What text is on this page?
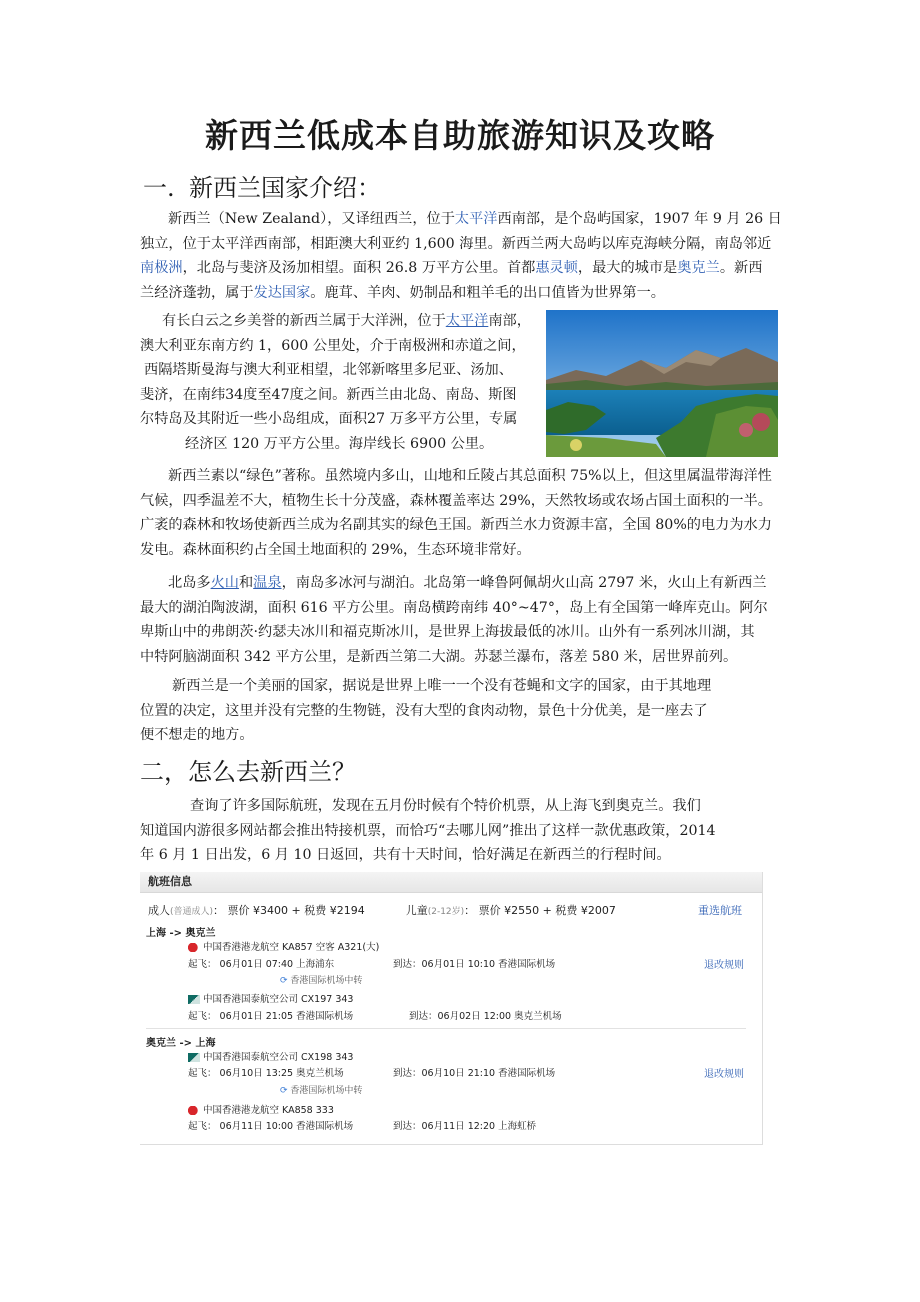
新西兰低成本自助旅游知识及攻略
一. 新西兰国家介绍：
新西兰（New Zealand），又译纽西兰，位于太平洋西南部，是个岛屿国家，1907 年 9 月 26 日
独立，位于太平洋西南部，相距澳大利亚约 1,600 海里。新西兰两大岛屿以库克海峡分隔，南岛邻近
南极洲，北岛与斐济及汤加相望。面积 26.8 万平方公里。首都惠灵顿，最大的城市是奥克兰。新西
兰经济蓬勃，属于发达国家。鹿茸、羊肉、奶制品和粗羊毛的出口值皆为世界第一。
有长白云之乡美誉的新西兰属于大洋洲，位于太平洋南部，
澳大利亚东南方约 1，600 公里处，介于南极洲和赤道之间，
西隔塔斯曼海与澳大利亚相望，北邻新喀里多尼亚、汤加、
斐济，在南纬34度至47度之间。新西兰由北岛、南岛、斯图
尔特岛及其附近一些小岛组成，面积27 万多平方公里，专属
经济区 120 万平方公里。海岸线长 6900 公里。
新西兰素以“绿色”著称。虽然境内多山，山地和丘陵占其总面积 75%以上，但这里属温带海洋性
气候，四季温差不大，植物生长十分茂盛，森林覆盖率达 29%，天然牧场或农场占国土面积的一半。
广袤的森林和牧场使新西兰成为名副其实的绿色王国。新西兰水力资源丰富，全国 80%的电力为水力
发电。森林面积约占全国土地面积的 29%，生态环境非常好。
北岛多火山和温泉，南岛多冰河与湖泊。北岛第一峰鲁阿佩胡火山高 2797 米，火山上有新西兰
最大的湖泊陶波湖，面积 616 平方公里。南岛横跨南纬 40°~47°，岛上有全国第一峰库克山。阿尔
卑斯山中的弗朗茨·约瑟夫冰川和福克斯冰川，是世界上海拔最低的冰川。山外有一系列冰川湖，其
中特阿脑湖面积 342 平方公里，是新西兰第二大湖。苏瑟兰瀑布，落差 580 米，居世界前列。
新西兰是一个美丽的国家，据说是世界上唯一一个没有苍蝇和文字的国家，由于其地理
位置的决定，这里并没有完整的生物链，没有大型的食肉动物，景色十分优美，是一座去了
便不想走的地方。
二，怎么去新西兰？
查询了许多国际航班，发现在五月份时候有个特价机票，从上海飞到奥克兰。我们
知道国内游很多网站都会推出特接机票，而恰巧“去哪儿网”推出了这样一款优惠政策，2014
年 6 月 1 日出发，6 月 10 日返回，共有十天时间，恰好满足在新西兰的行程时间。
航班信息
成人(普通成人)： 票价 ¥3400 + 税费 ¥2194	儿童(2-12岁)： 票价 ¥2550 + 税费 ¥2007	重选航班
上海 -> 奥克兰
中国香港港龙航空 KA857 空客 A321(大)
起飞： 06月01日 07:40 上海浦东	到达：06月01日 10:10 香港国际机场	退改规则
⟳ 香港国际机场中转
中国香港国泰航空公司 CX197 343
起飞： 06月01日 21:05 香港国际机场	到达：06月02日 12:00 奥克兰机场
奥克兰 -> 上海
中国香港国泰航空公司 CX198 343
起飞： 06月10日 13:25 奥克兰机场	到达：06月10日 21:10 香港国际机场	退改规则
⟳ 香港国际机场中转
中国香港港龙航空 KA858 333
起飞： 06月11日 10:00 香港国际机场	到达：06月11日 12:20 上海虹桥
